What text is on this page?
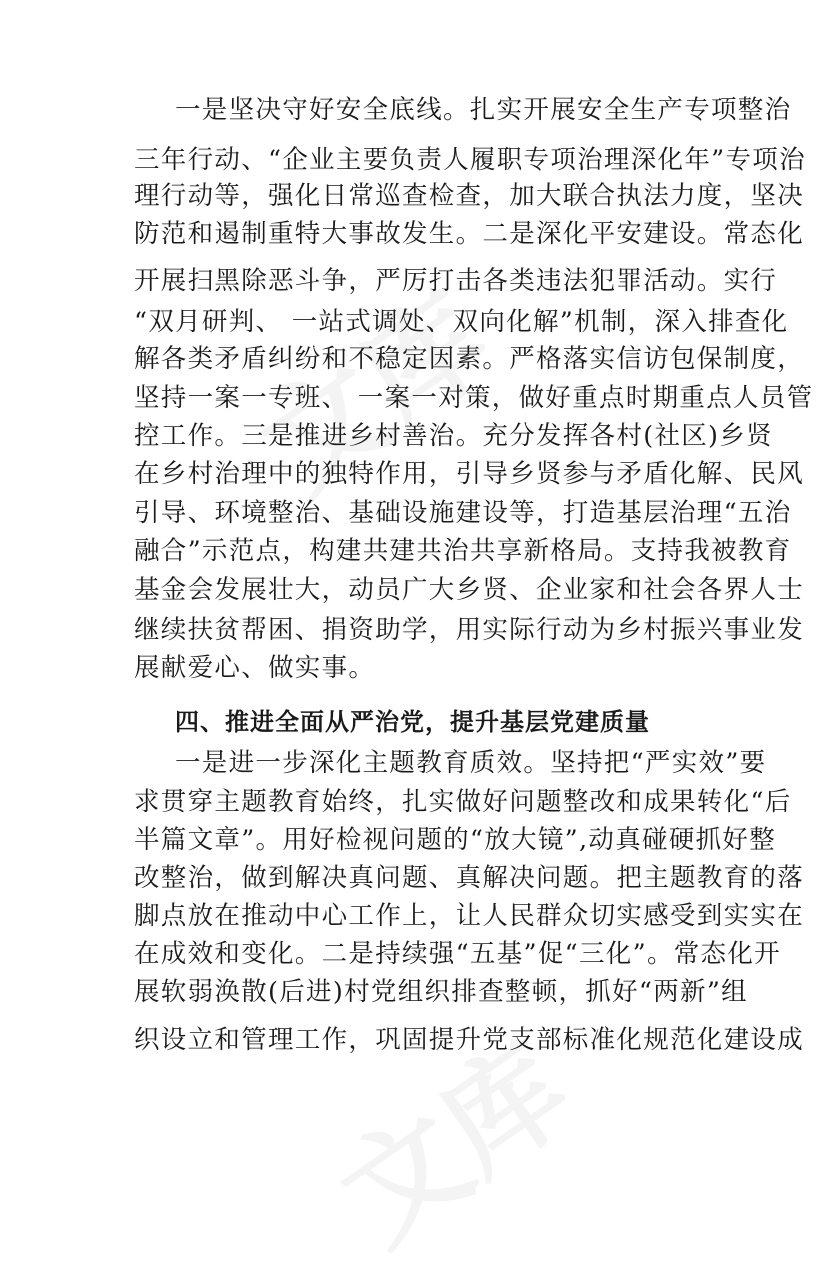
一是坚决守好安全底线。扎实开展安全生产专项整治
三年行动、“企业主要负责人履职专项治理深化年”专项治
理行动等，强化日常巡查检查，加大联合执法力度，坚决
防范和遏制重特大事故发生。二是深化平安建设。常态化
开展扫黑除恶斗争，严厉打击各类违法犯罪活动。实行
“双月研判、 一站式调处、双向化解”机制，深入排查化
解各类矛盾纠纷和不稳定因素。严格落实信访包保制度，
坚持一案一专班、 一案一对策，做好重点时期重点人员管
控工作。三是推进乡村善治。充分发挥各村(社区)乡贤
在乡村治理中的独特作用，引导乡贤参与矛盾化解、民风
引导、环境整治、基础设施建设等，打造基层治理“五治
融合”示范点，构建共建共治共享新格局。支持我被教育
基金会发展壮大，动员广大乡贤、企业家和社会各界人士
继续扶贫帮困、捐资助学，用实际行动为乡村振兴事业发
展献爱心、做实事。
四、推进全面从严治党，提升基层党建质量
一是进一步深化主题教育质效。坚持把“严实效”要
求贯穿主题教育始终，扎实做好问题整改和成果转化“后
半篇文章”。用好检视问题的“放大镜”,动真碰硬抓好整
改整治，做到解决真问题、真解决问题。把主题教育的落
脚点放在推动中心工作上，让人民群众切实感受到实实在
在成效和变化。二是持续强“五基”促“三化”。常态化开
展软弱涣散(后进)村党组织排查整顿，抓好“两新”组
织设立和管理工作，巩固提升党支部标准化规范化建设成
